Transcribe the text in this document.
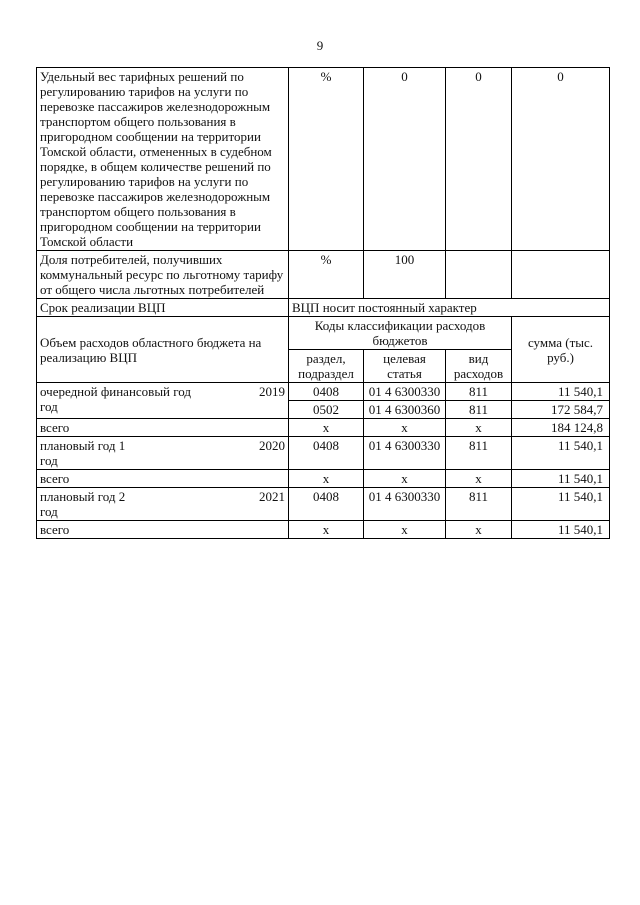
9
Удельный вес тарифных решений по регулированию тарифов на услуги по перевозке пассажиров железнодорожным транспортом общего пользования в пригородном сообщении на территории Томской области, отмененных в судебном порядке, в общем количестве решений по регулированию тарифов на услуги по перевозке пассажиров железнодорожным транспортом общего пользования в пригородном сообщении на территории Томской области	%	0	0	0
Доля потребителей, получивших коммунальный ресурс по льготному тарифу от общего числа льготных потребителей	%	100		
Срок реализации ВЦП	ВЦП носит постоянный характер			
Объем расходов областного бюджета на реализацию ВЦП	Коды классификации расходов бюджетов			сумма (тыс. руб.)
	раздел, подраздел	целевая статья	вид расходов	

очередной финансовый год 2019
год	0408	01 4 6300330	811	11 540,1
	0502	01 4 6300360	811	172 584,7
всего	х	х	х	184 124,8

плановый год 1 2020
год	0408	01 4 6300330	811	11 540,1
всего	х	х	х	11 540,1

плановый год 2 2021
год	0408	01 4 6300330	811	11 540,1
всего	х	х	х	11 540,1
